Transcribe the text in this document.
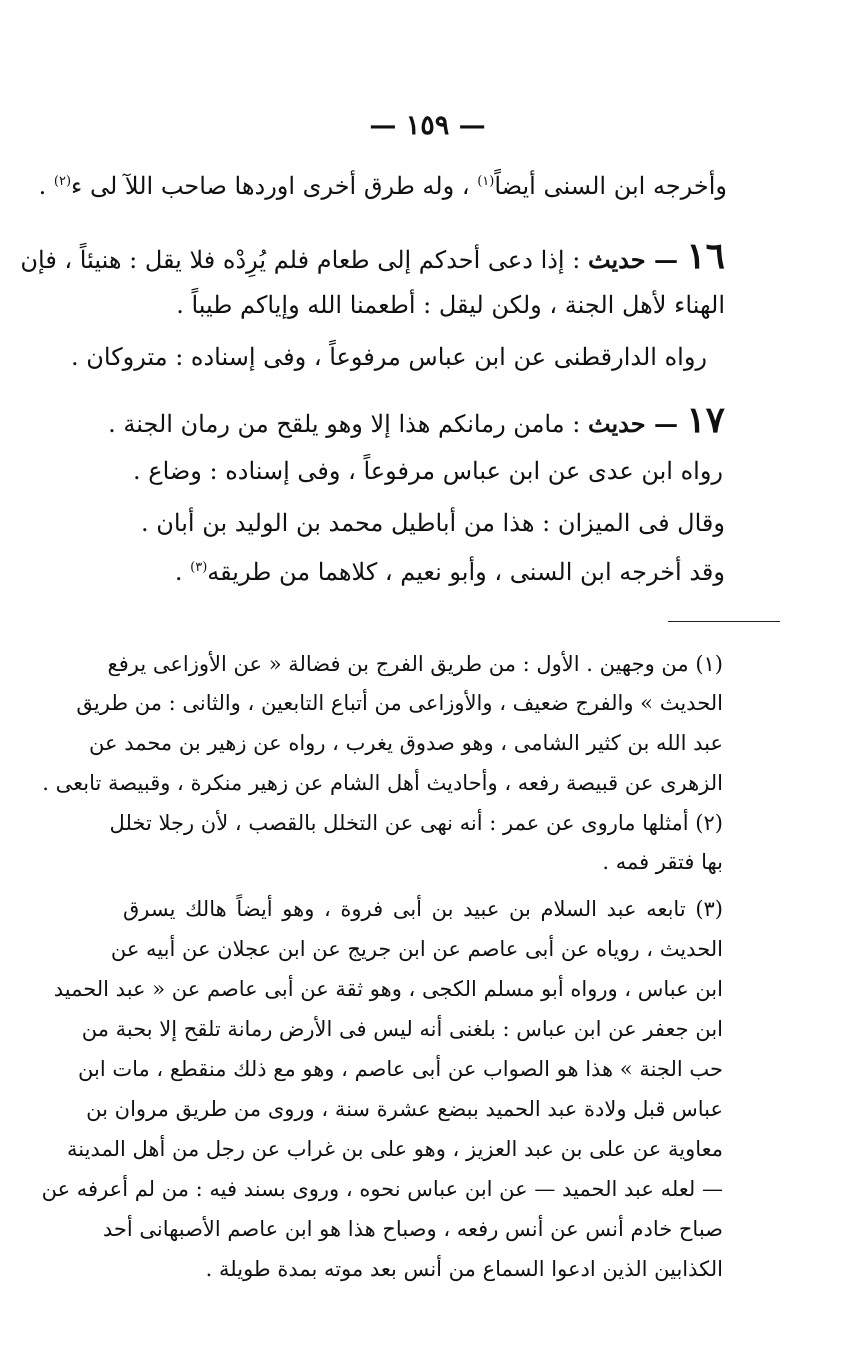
— ١٥٩ —
وأخرجه ابن السنى أيضاً$^{(١)}$ ، وله طرق أخرى اوردها صاحب اللآ لى ء$^{(٢)}$ .
١٦ — حديث : إذا دعى أحدكم إلى طعام فلم يُرِدْه فلا يقل : هنيئاً ، فإن
الهناء لأهل الجنة ، ولكن ليقل : أطعمنا الله وإياكم طيباً .
رواه الدارقطنى عن ابن عباس مرفوعاً ، وفى إسناده : متروكان .
١٧ — حديث : مامن رمانكم هذا إلا وهو يلقح من رمان الجنة .
رواه ابن عدى عن ابن عباس مرفوعاً ، وفى إسناده : وضاع .
وقال فى الميزان : هذا من أباطيل محمد بن الوليد بن أبان .
وقد أخرجه ابن السنى ، وأبو نعيم ، كلاهما من طريقه$^{(٣)}$ .
(١) من وجهين . الأول : من طريق الفرج بن فضالة « عن الأوزاعى يرفع
الحديث » والفرج ضعيف ، والأوزاعى من أتباع التابعين ، والثانى : من طريق
عبد الله بن كثير الشامى ، وهو صدوق يغرب ، رواه عن زهير بن محمد عن
الزهرى عن قبيصة رفعه ، وأحاديث أهل الشام عن زهير منكرة ، وقبيصة تابعى .
(٢) أمثلها ماروى عن عمر : أنه نهى عن التخلل بالقصب ، لأن رجلا تخلل
بها فتقر فمه .
(٣) تابعه عبد السلام بن عبيد بن أبى فروة ، وهو أيضاً هالك يسرق
الحديث ، روياه عن أبى عاصم عن ابن جريج عن ابن عجلان عن أبيه عن
ابن عباس ، ورواه أبو مسلم الكجى ، وهو ثقة عن أبى عاصم عن « عبد الحميد
ابن جعفر عن ابن عباس : بلغنى أنه ليس فى الأرض رمانة تلقح إلا بحبة من
حب الجنة » هذا هو الصواب عن أبى عاصم ، وهو مع ذلك منقطع ، مات ابن
عباس قبل ولادة عبد الحميد ببضع عشرة سنة ، وروى من طريق مروان بن
معاوية عن على بن عبد العزيز ، وهو على بن غراب عن رجل من أهل المدينة
— لعله عبد الحميد — عن ابن عباس نحوه ، وروى بسند فيه : من لم أعرفه عن
صباح خادم أنس عن أنس رفعه ، وصباح هذا هو ابن عاصم الأصبهانى أحد
الكذابين الذين ادعوا السماع من أنس بعد موته بمدة طويلة .
